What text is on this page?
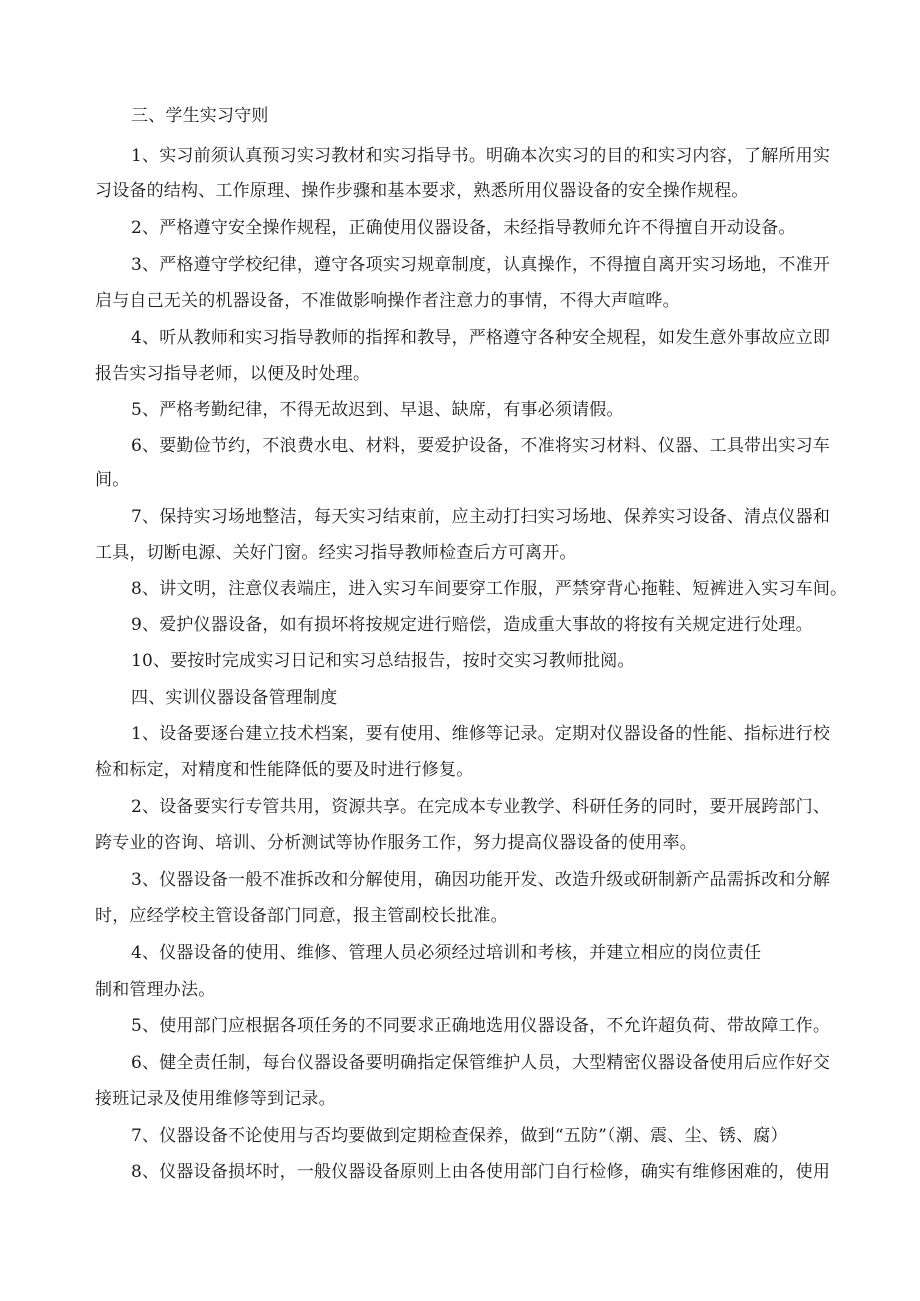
三、学生实习守则
1、实习前须认真预习实习教材和实习指导书。明确本次实习的目的和实习内容，了解所用实
习设备的结构、工作原理、操作步骤和基本要求，熟悉所用仪器设备的安全操作规程。
2、严格遵守安全操作规程，正确使用仪器设备，未经指导教师允许不得擅自开动设备。
3、严格遵守学校纪律，遵守各项实习规章制度，认真操作，不得擅自离开实习场地，不准开
启与自己无关的机器设备，不准做影响操作者注意力的事情，不得大声喧哗。
4、听从教师和实习指导教师的指挥和教导，严格遵守各种安全规程，如发生意外事故应立即
报告实习指导老师，以便及时处理。
5、严格考勤纪律，不得无故迟到、早退、缺席，有事必须请假。
6、要勤俭节约，不浪费水电、材料，要爱护设备，不准将实习材料、仪器、工具带出实习车
间。
7、保持实习场地整洁，每天实习结束前，应主动打扫实习场地、保养实习设备、清点仪器和
工具，切断电源、关好门窗。经实习指导教师检查后方可离开。
8、讲文明，注意仪表端庄，进入实习车间要穿工作服，严禁穿背心拖鞋、短裤进入实习车间。
9、爱护仪器设备，如有损坏将按规定进行赔偿，造成重大事故的将按有关规定进行处理。
10、要按时完成实习日记和实习总结报告，按时交实习教师批阅。
四、实训仪器设备管理制度
1、设备要逐台建立技术档案，要有使用、维修等记录。定期对仪器设备的性能、指标进行校
检和标定，对精度和性能降低的要及时进行修复。
2、设备要实行专管共用，资源共享。在完成本专业教学、科研任务的同时，要开展跨部门、
跨专业的咨询、培训、分析测试等协作服务工作，努力提高仪器设备的使用率。
3、仪器设备一般不准拆改和分解使用，确因功能开发、改造升级或研制新产品需拆改和分解
时，应经学校主管设备部门同意，报主管副校长批准。
4、仪器设备的使用、维修、管理人员必须经过培训和考核，并建立相应的岗位责任
制和管理办法。
5、使用部门应根据各项任务的不同要求正确地选用仪器设备，不允许超负荷、带故障工作。
6、健全责任制，每台仪器设备要明确指定保管维护人员，大型精密仪器设备使用后应作好交
接班记录及使用维修等到记录。
7、仪器设备不论使用与否均要做到定期检查保养，做到“五防”（潮、震、尘、锈、腐）
8、仪器设备损坏时，一般仪器设备原则上由各使用部门自行检修，确实有维修困难的，使用
